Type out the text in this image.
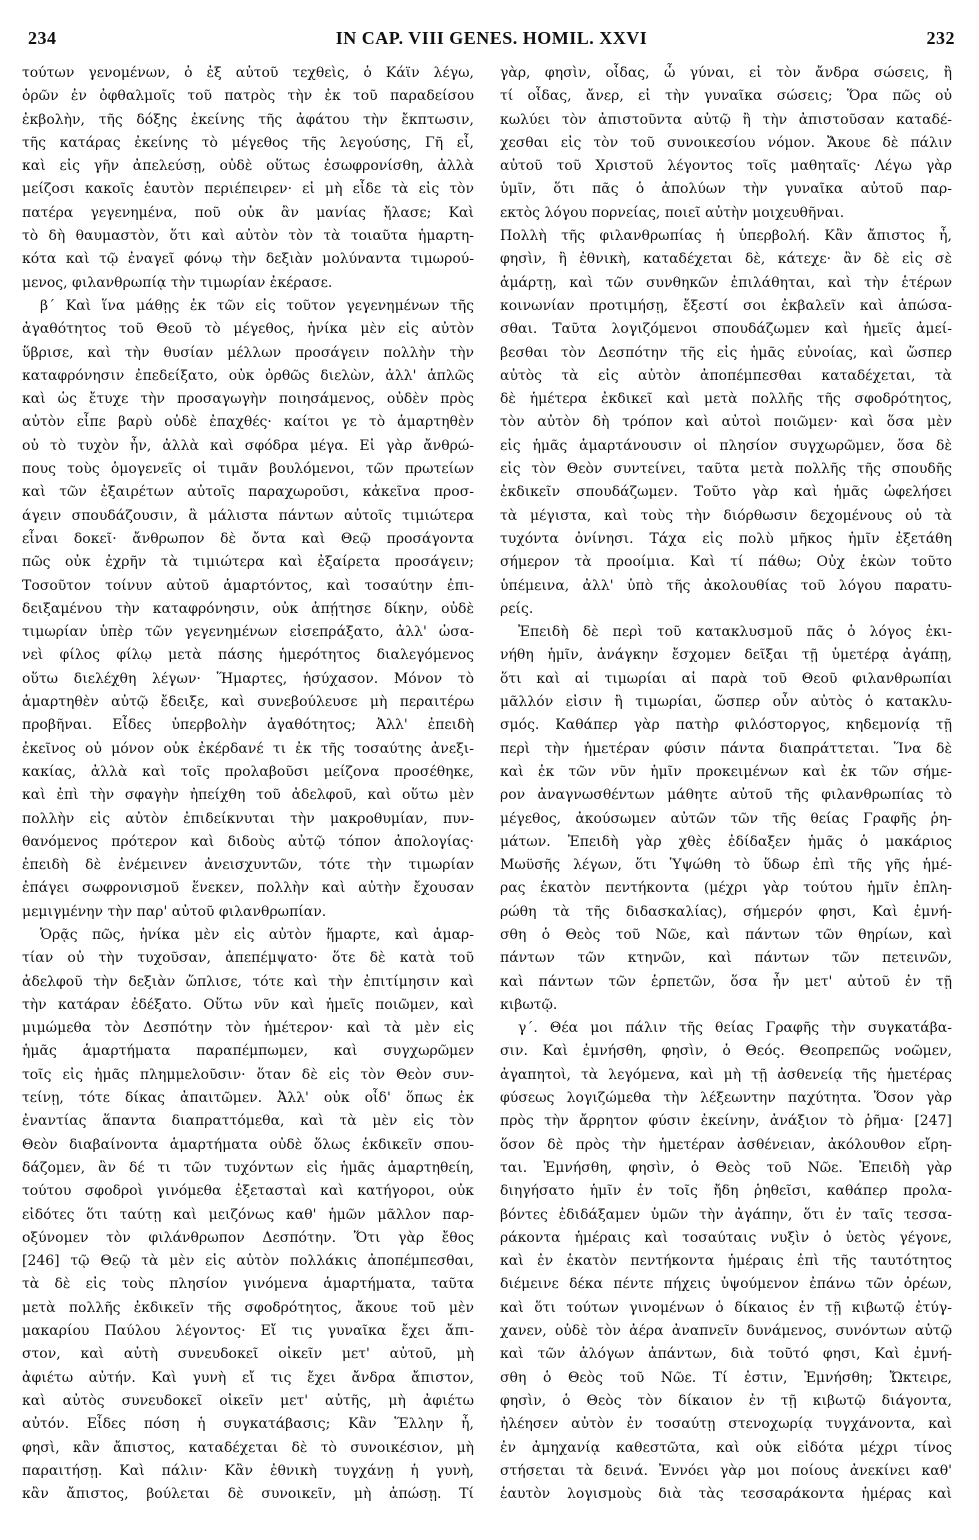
234	IN CAP. VIII GENES. HOMIL. XXVI	232
τούτων γενομένων, ὁ ἐξ αὐτοῦ τεχθεὶς, ὁ Κάϊν λέγω,
ὁρῶν ἐν ὀφθαλμοῖς τοῦ πατρὸς τὴν ἐκ τοῦ παραδείσου
ἐκβολὴν, τῆς δόξης ἐκείνης τῆς ἀφάτου τὴν ἔκπτωσιν,
τῆς κατάρας ἐκείνης τὸ μέγεθος τῆς λεγούσης, Γῆ εἶ,
καὶ εἰς γῆν ἀπελεύσῃ, οὐδὲ οὕτως ἐσωφρονίσθη, ἀλλὰ
μείζοσι κακοῖς ἑαυτὸν περιέπειρεν· εἰ μὴ εἶδε τὰ εἰς τὸν
πατέρα γεγενημένα, ποῦ οὐκ ἂν μανίας ἤλασε; Καὶ
τὸ δὴ θαυμαστὸν, ὅτι καὶ αὐτὸν τὸν τὰ τοιαῦτα ἡμαρτη-
κότα καὶ τῷ ἐναγεῖ φόνῳ τὴν δεξιὰν μολύναντα τιμωρού-
μενος, φιλανθρωπίᾳ τὴν τιμωρίαν ἐκέρασε.
β΄ Καὶ ἵνα μάθῃς ἐκ τῶν εἰς τοῦτον γεγενημένων τῆς
ἀγαθότητος τοῦ Θεοῦ τὸ μέγεθος, ἡνίκα μὲν εἰς αὐτὸν
ὕβρισε, καὶ τὴν θυσίαν μέλλων προσάγειν πολλὴν τὴν
καταφρόνησιν ἐπεδείξατο, οὐκ ὀρθῶς διελὼν, ἀλλ' ἁπλῶς
καὶ ὡς ἔτυχε τὴν προσαγωγὴν ποιησάμενος, οὐδὲν πρὸς
αὐτὸν εἶπε βαρὺ οὐδὲ ἐπαχθές· καίτοι γε τὸ ἁμαρτηθὲν
οὐ τὸ τυχὸν ἦν, ἀλλὰ καὶ σφόδρα μέγα. Εἰ γὰρ ἄνθρώ-
πους τοὺς ὁμογενεῖς οἱ τιμᾶν βουλόμενοι, τῶν πρωτείων
καὶ τῶν ἐξαιρέτων αὐτοῖς παραχωροῦσι, κἀκεῖνα προσ-
άγειν σπουδάζουσιν, ἃ μάλιστα πάντων αὐτοῖς τιμιώτερα
εἶναι δοκεῖ· ἄνθρωπον δὲ ὄντα καὶ Θεῷ προσάγοντα
πῶς οὐκ ἐχρῆν τὰ τιμιώτερα καὶ ἐξαίρετα προσάγειν;
Τοσοῦτον τοίνυν αὐτοῦ ἁμαρτόντος, καὶ τοσαύτην ἐπι-
δειξαμένου τὴν καταφρόνησιν, οὐκ ἀπῄτησε δίκην, οὐδὲ
τιμωρίαν ὑπὲρ τῶν γεγενημένων εἰσεπράξατο, ἀλλ' ὡσα-
νεὶ φίλος φίλῳ μετὰ πάσης ἡμερότητος διαλεγόμενος
οὕτω διελέχθη λέγων· Ἥμαρτες, ἡσύχασον. Μόνον τὸ
ἁμαρτηθὲν αὐτῷ ἔδειξε, καὶ συνεβούλευσε μὴ περαιτέρω
προβῆναι. Εἶδες ὑπερβολὴν ἀγαθότητος; Ἀλλ' ἐπειδὴ
ἐκεῖνος οὐ μόνον οὐκ ἐκέρδανέ τι ἐκ τῆς τοσαύτης ἀνεξι-
κακίας, ἀλλὰ καὶ τοῖς προλαβοῦσι μείζονα προσέθηκε,
καὶ ἐπὶ τὴν σφαγὴν ἠπείχθη τοῦ ἀδελφοῦ, καὶ οὕτω μὲν
πολλὴν εἰς αὐτὸν ἐπιδείκνυται τὴν μακροθυμίαν, πυν-
θανόμενος πρότερον καὶ διδοὺς αὐτῷ τόπον ἀπολογίας·
ἐπειδὴ δὲ ἐνέμεινεν ἀνεισχυντῶν, τότε τὴν τιμωρίαν
ἐπάγει σωφρονισμοῦ ἕνεκεν, πολλὴν καὶ αὐτὴν ἔχουσαν
μεμιγμένην τὴν παρ' αὐτοῦ φιλανθρωπίαν.
Ὁρᾷς πῶς, ἡνίκα μὲν εἰς αὐτὸν ἥμαρτε, καὶ ἁμαρ-
τίαν οὐ τὴν τυχοῦσαν, ἀπεπέμψατο· ὅτε δὲ κατὰ τοῦ
ἀδελφοῦ τὴν δεξιὰν ὥπλισε, τότε καὶ τὴν ἐπιτίμησιν καὶ
τὴν κατάραν ἐδέξατο. Οὕτω νῦν καὶ ἡμεῖς ποιῶμεν, καὶ
μιμώμεθα τὸν Δεσπότην τὸν ἡμέτερον· καὶ τὰ μὲν εἰς
ἡμᾶς ἁμαρτήματα παραπέμπωμεν, καὶ συγχωρῶμεν
τοῖς εἰς ἡμᾶς πλημμελοῦσιν· ὅταν δὲ εἰς τὸν Θεὸν συν-
τείνῃ, τότε δίκας ἀπαιτῶμεν. Ἀλλ' οὐκ οἶδ' ὅπως ἐκ
ἐναντίας ἅπαντα διαπραττόμεθα, καὶ τὰ μὲν εἰς τὸν
Θεὸν διαβαίνοντα ἁμαρτήματα οὐδὲ ὅλως ἐκδικεῖν σπου-
δάζομεν, ἂν δέ τι τῶν τυχόντων εἰς ἡμᾶς ἁμαρτηθείη,
τούτου σφοδροὶ γινόμεθα ἐξετασταὶ καὶ κατήγοροι, οὐκ
εἰδότες ὅτι ταύτῃ καὶ μειζόνως καθ' ἡμῶν μᾶλλον παρ-
οξύνομεν τὸν φιλάνθρωπον Δεσπότην. Ὅτι γὰρ ἔθος
[246] τῷ Θεῷ τὰ μὲν εἰς αὐτὸν πολλάκις ἀποπέμπεσθαι,
τὰ δὲ εἰς τοὺς πλησίον γινόμενα ἁμαρτήματα, ταῦτα
μετὰ πολλῆς ἐκδικεῖν τῆς σφοδρότητος, ἄκουε τοῦ μὲν
μακαρίου Παύλου λέγοντος· Εἴ τις γυναῖκα ἔχει ἄπι-
στον, καὶ αὐτὴ συνευδοκεῖ οἰκεῖν μετ' αὐτοῦ, μὴ
ἀφιέτω αὐτήν. Καὶ γυνὴ εἴ τις ἔχει ἄνδρα ἄπιστον,
καὶ αὐτὸς συνευδοκεῖ οἰκεῖν μετ' αὐτῆς, μὴ ἀφιέτω
αὐτόν. Εἶδες πόση ἡ συγκατάβασις; Κἂν Ἕλλην ἦ,
φησὶ, κἂν ἄπιστος, καταδέχεται δὲ τὸ συνοικέσιον, μὴ
παραιτήσῃ. Καὶ πάλιν· Κἂν ἐθνικὴ τυγχάνῃ ἡ γυνὴ,
κἂν ἄπιστος, βούλεται δὲ συνοικεῖν, μὴ ἀπώσῃ. Τί
γὰρ, φησὶν, οἶδας, ὦ γύναι, εἰ τὸν ἄνδρα σώσεις, ἢ
τί οἶδας, ἄνερ, εἰ τὴν γυναῖκα σώσεις; Ὅρα πῶς οὐ
κωλύει τὸν ἀπιστοῦντα αὐτῷ ἢ τὴν ἀπιστοῦσαν καταδέ-
χεσθαι εἰς τὸν τοῦ συνοικεσίου νόμον. Ἄκουε δὲ πάλιν
αὐτοῦ τοῦ Χριστοῦ λέγοντος τοῖς μαθηταῖς· Λέγω γὰρ
ὑμῖν, ὅτι πᾶς ὁ ἀπολύων τὴν γυναῖκα αὐτοῦ παρ-
εκτὸς λόγου πορνείας, ποιεῖ αὐτὴν μοιχευθῆναι.
Πολλὴ τῆς φιλανθρωπίας ἡ ὑπερβολή. Κἂν ἄπιστος ἦ,
φησὶν, ἢ ἐθνικὴ, καταδέχεται δὲ, κάτεχε· ἂν δὲ εἰς σὲ
ἁμάρτῃ, καὶ τῶν συνθηκῶν ἐπιλάθηται, καὶ τὴν ἑτέρων
κοινωνίαν προτιμήσῃ, ἔξεστί σοι ἐκβαλεῖν καὶ ἀπώσα-
σθαι. Ταῦτα λογιζόμενοι σπουδάζωμεν καὶ ἡμεῖς ἀμεί-
βεσθαι τὸν Δεσπότην τῆς εἰς ἡμᾶς εὐνοίας, καὶ ὥσπερ
αὐτὸς τὰ εἰς αὐτὸν ἀποπέμπεσθαι καταδέχεται, τὰ
δὲ ἡμέτερα ἐκδικεῖ καὶ μετὰ πολλῆς τῆς σφοδρότητος,
τὸν αὐτὸν δὴ τρόπον καὶ αὐτοὶ ποιῶμεν· καὶ ὅσα μὲν
εἰς ἡμᾶς ἁμαρτάνουσιν οἱ πλησίον συγχωρῶμεν, ὅσα δὲ
εἰς τὸν Θεὸν συντείνει, ταῦτα μετὰ πολλῆς τῆς σπουδῆς
ἐκδικεῖν σπουδάζωμεν. Τοῦτο γὰρ καὶ ἡμᾶς ὠφελήσει
τὰ μέγιστα, καὶ τοὺς τὴν διόρθωσιν δεχομένους οὐ τὰ
τυχόντα ὀνίνησι. Τάχα εἰς πολὺ μῆκος ἡμῖν ἐξετάθη
σήμερον τὰ προοίμια. Καὶ τί πάθω; Οὐχ ἑκὼν τοῦτο
ὑπέμεινα, ἀλλ' ὑπὸ τῆς ἀκολουθίας τοῦ λόγου παρατυ-
ρείς.
Ἐπειδὴ δὲ περὶ τοῦ κατακλυσμοῦ πᾶς ὁ λόγος ἐκι-
νήθη ἡμῖν, ἀνάγκην ἔσχομεν δεῖξαι τῇ ὑμετέρᾳ ἀγάπῃ,
ὅτι καὶ αἱ τιμωρίαι αἱ παρὰ τοῦ Θεοῦ φιλανθρωπίαι
μᾶλλόν εἰσιν ἢ τιμωρίαι, ὥσπερ οὖν αὐτὸς ὁ κατακλυ-
σμός. Καθάπερ γὰρ πατὴρ φιλόστοργος, κηδεμονίᾳ τῇ
περὶ τὴν ἡμετέραν φύσιν πάντα διαπράττεται. Ἵνα δὲ
καὶ ἐκ τῶν νῦν ἡμῖν προκειμένων καὶ ἐκ τῶν σήμε-
ρον ἀναγνωσθέντων μάθητε αὐτοῦ τῆς φιλανθρωπίας τὸ
μέγεθος, ἀκούσωμεν αὐτῶν τῶν τῆς θείας Γραφῆς ῥη-
μάτων. Ἐπειδὴ γὰρ χθὲς ἐδίδαξεν ἡμᾶς ὁ μακάριος
Μωϋσῆς λέγων, ὅτι Ὑψώθη τὸ ὕδωρ ἐπὶ τῆς γῆς ἡμέ-
ρας ἑκατὸν πεντήκοντα (μέχρι γὰρ τούτου ἡμῖν ἐπλη-
ρώθη τὰ τῆς διδασκαλίας), σήμερόν φησι, Καὶ ἐμνή-
σθη ὁ Θεὸς τοῦ Νῶε, καὶ πάντων τῶν θηρίων, καὶ
πάντων τῶν κτηνῶν, καὶ πάντων τῶν πετεινῶν,
καὶ πάντων τῶν ἑρπετῶν, ὅσα ἦν μετ' αὐτοῦ ἐν τῇ
κιβωτῷ.
γ΄. Θέα μοι πάλιν τῆς θείας Γραφῆς τὴν συγκατάβα-
σιν. Καὶ ἐμνήσθη, φησὶν, ὁ Θεός. Θεοπρεπῶς νοῶμεν,
ἀγαπητοὶ, τὰ λεγόμενα, καὶ μὴ τῇ ἀσθενείᾳ τῆς ἡμετέρας
φύσεως λογιζώμεθα τὴν λέξεωντην παχύτητα. Ὅσον γὰρ
πρὸς τὴν ἄρρητον φύσιν ἐκείνην, ἀνάξιον τὸ ῥῆμα· [247]
ὅσον δὲ πρὸς τὴν ἡμετέραν ἀσθένειαν, ἀκόλουθον εἴρη-
ται. Ἐμνήσθη, φησὶν, ὁ Θεὸς τοῦ Νῶε. Ἐπειδὴ γὰρ
διηγήσατο ἡμῖν ἐν τοῖς ἤδη ῥηθεῖσι, καθάπερ προλα-
βόντες ἐδιδάξαμεν ὑμῶν τὴν ἀγάπην, ὅτι ἐν ταῖς τεσσα-
ράκοντα ἡμέραις καὶ τοσαύταις νυξὶν ὁ ὑετὸς γέγονε,
καὶ ἐν ἑκατὸν πεντήκοντα ἡμέραις ἐπὶ τῆς ταυτότητος
διέμεινε δέκα πέντε πήχεις ὑψούμενον ἐπάνω τῶν ὀρέων,
καὶ ὅτι τούτων γινομένων ὁ δίκαιος ἐν τῇ κιβωτῷ ἐτύγ-
χανεν, οὐδὲ τὸν ἀέρα ἀναπνεῖν δυνάμενος, συνόντων αὐτῷ
καὶ τῶν ἀλόγων ἁπάντων, διὰ τοῦτό φησι, Καὶ ἐμνή-
σθη ὁ Θεὸς τοῦ Νῶε. Τί ἐστιν, Ἐμνήσθη; Ὤκτειρε,
φησὶν, ὁ Θεὸς τὸν δίκαιον ἐν τῇ κιβωτῷ διάγοντα,
ἠλέησεν αὐτὸν ἐν τοσαύτῃ στενοχωρίᾳ τυγχάνοντα, καὶ
ἐν ἀμηχανίᾳ καθεστῶτα, καὶ οὐκ εἰδότα μέχρι τίνος
στήσεται τὰ δεινά. Ἐννόει γὰρ μοι ποίους ἀνεκίνει καθ'
ἑαυτὸν λογισμοὺς διὰ τὰς τεσσαράκοντα ἡμέρας καὶ
